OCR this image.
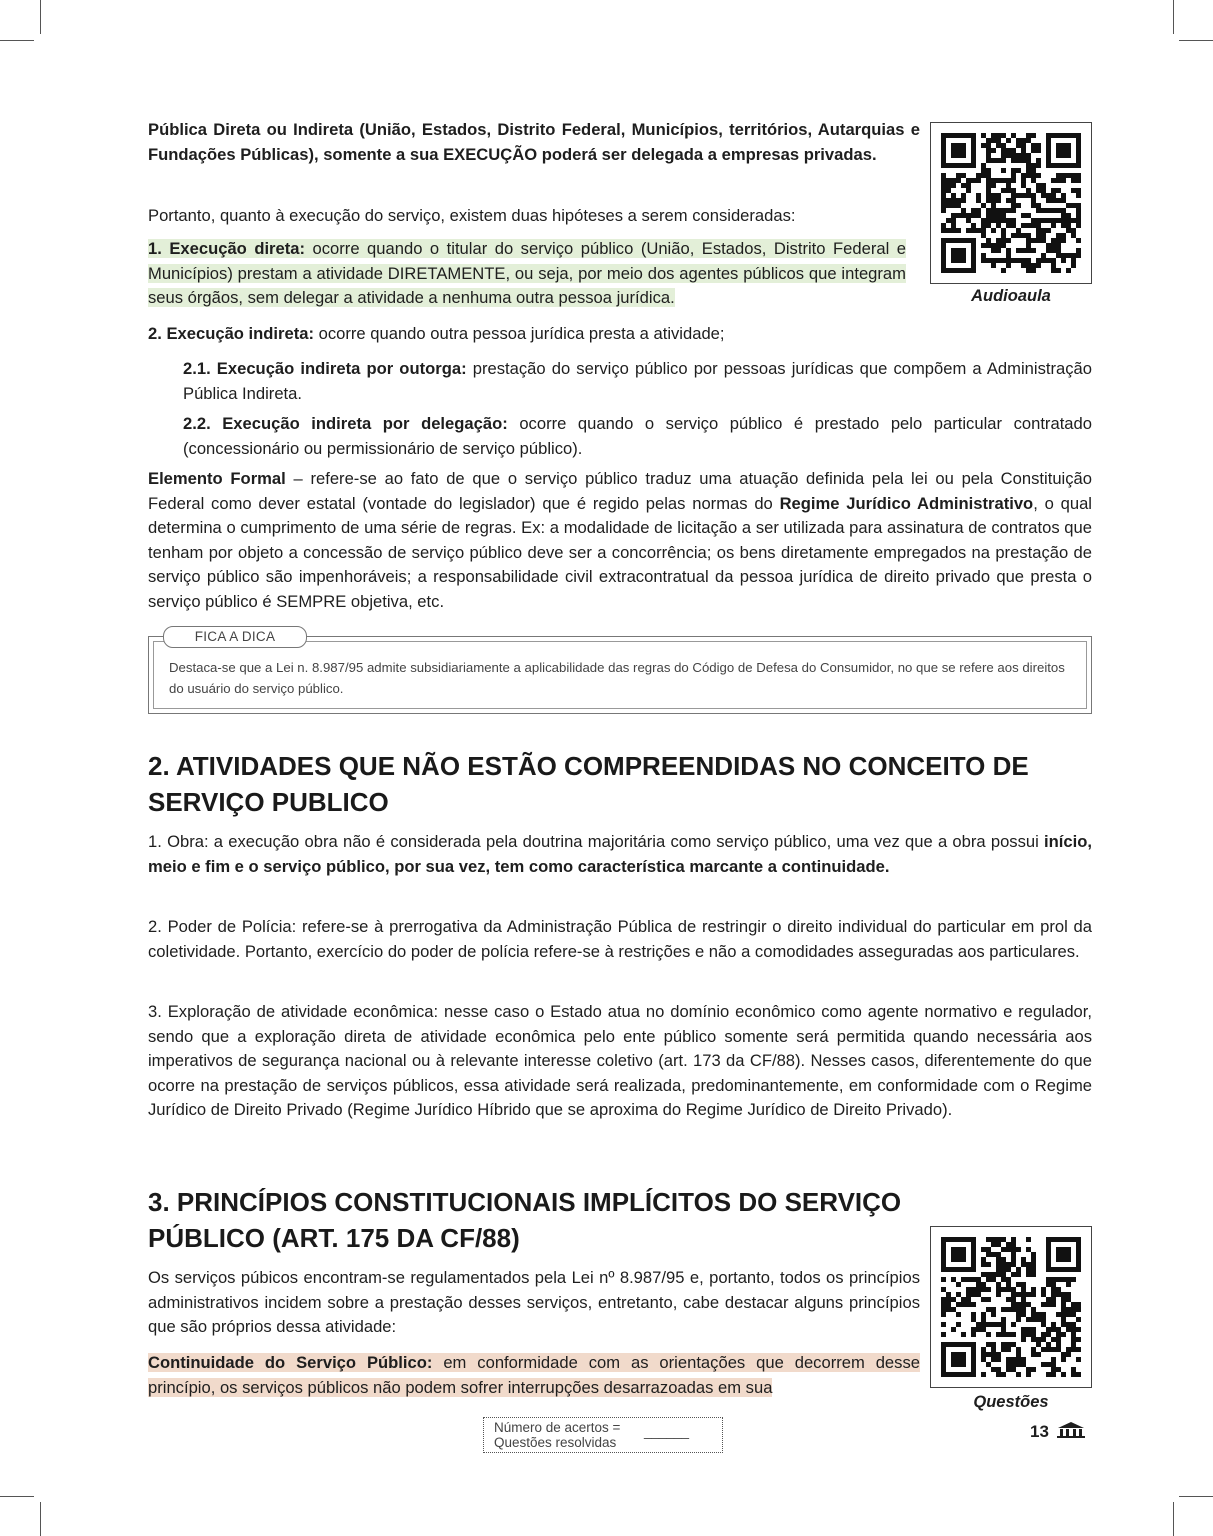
Audioaula

Pública Direta ou Indireta (União, Estados, Distrito Federal, Municípios, territórios, Autarquias e Fundações Públicas), somente a sua EXECUÇÃO poderá ser delegada a empresas privadas.

Portanto, quanto à execução do serviço, existem duas hipóteses a serem consideradas:

1. Execução direta: ocorre quando o titular do serviço público (União, Estados, Distrito Federal e Municípios) prestam a atividade DIRETAMENTE, ou seja, por meio dos agentes públicos que integram seus órgãos, sem delegar a atividade a nenhuma outra pessoa jurídica.

2. Execução indireta: ocorre quando outra pessoa jurídica presta a atividade;

2.1. Execução indireta por outorga: prestação do serviço público por pessoas jurídicas que compõem a Administração Pública Indireta.

2.2. Execução indireta por delegação: ocorre quando o serviço público é prestado pelo particular contratado (concessionário ou permissionário de serviço público).

Elemento Formal – refere-se ao fato de que o serviço público traduz uma atuação definida pela lei ou pela Constituição Federal como dever estatal (vontade do legislador) que é regido pelas normas do Regime Jurídico Administrativo, o qual determina o cumprimento de uma série de regras. Ex: a modalidade de licitação a ser utilizada para assinatura de contratos que tenham por objeto a concessão de serviço público deve ser a concorrência; os bens diretamente empregados na prestação de serviço público são impenhoráveis; a responsabilidade civil extracontratual da pessoa jurídica de direito privado que presta o serviço público é SEMPRE objetiva, etc.

FICA A DICA
Destaca-se que a Lei n. 8.987/95 admite subsidiariamente a aplicabilidade das regras do Código de Defesa do Consumidor, no que se refere aos direitos do usuário do serviço público.
2. ATIVIDADES QUE NÃO ESTÃO COMPREENDIDAS NO CONCEITO DE SERVIÇO PUBLICO

1. Obra: a execução obra não é considerada pela doutrina majoritária como serviço público, uma vez que a obra possui início, meio e fim e o serviço público, por sua vez, tem como característica marcante a continuidade.

2. Poder de Polícia: refere-se à prerrogativa da Administração Pública de restringir o direito individual do particular em prol da coletividade. Portanto, exercício do poder de polícia refere-se à restrições e não a comodidades asseguradas aos particulares.

3. Exploração de atividade econômica: nesse caso o Estado atua no domínio econômico como agente normativo e regulador, sendo que a exploração direta de atividade econômica pelo ente público somente será permitida quando necessária aos imperativos de segurança nacional ou à relevante interesse coletivo (art. 173 da CF/88). Nesses casos, diferentemente do que ocorre na prestação de serviços públicos, essa atividade será realizada, predominantemente, em conformidade com o Regime Jurídico de Direito Privado (Regime Jurídico Híbrido que se aproxima do Regime Jurídico de Direito Privado).

3. PRINCÍPIOS CONSTITUCIONAIS IMPLÍCITOS DO SERVIÇO PÚBLICO (ART. 175 DA CF/88)
Questões

Os serviços púbicos encontram-se regulamentados pela Lei nº 8.987/95 e, portanto, todos os princípios administrativos incidem sobre a prestação desses serviços, entretanto, cabe destacar alguns princípios que são próprios dessa atividade:

Continuidade do Serviço Público: em conformidade com as orientações que decorrem desse princípio, os serviços públicos não podem sofrer interrupções desarrazoadas em sua

Número de acertos = ______
Questões resolvidas
13
